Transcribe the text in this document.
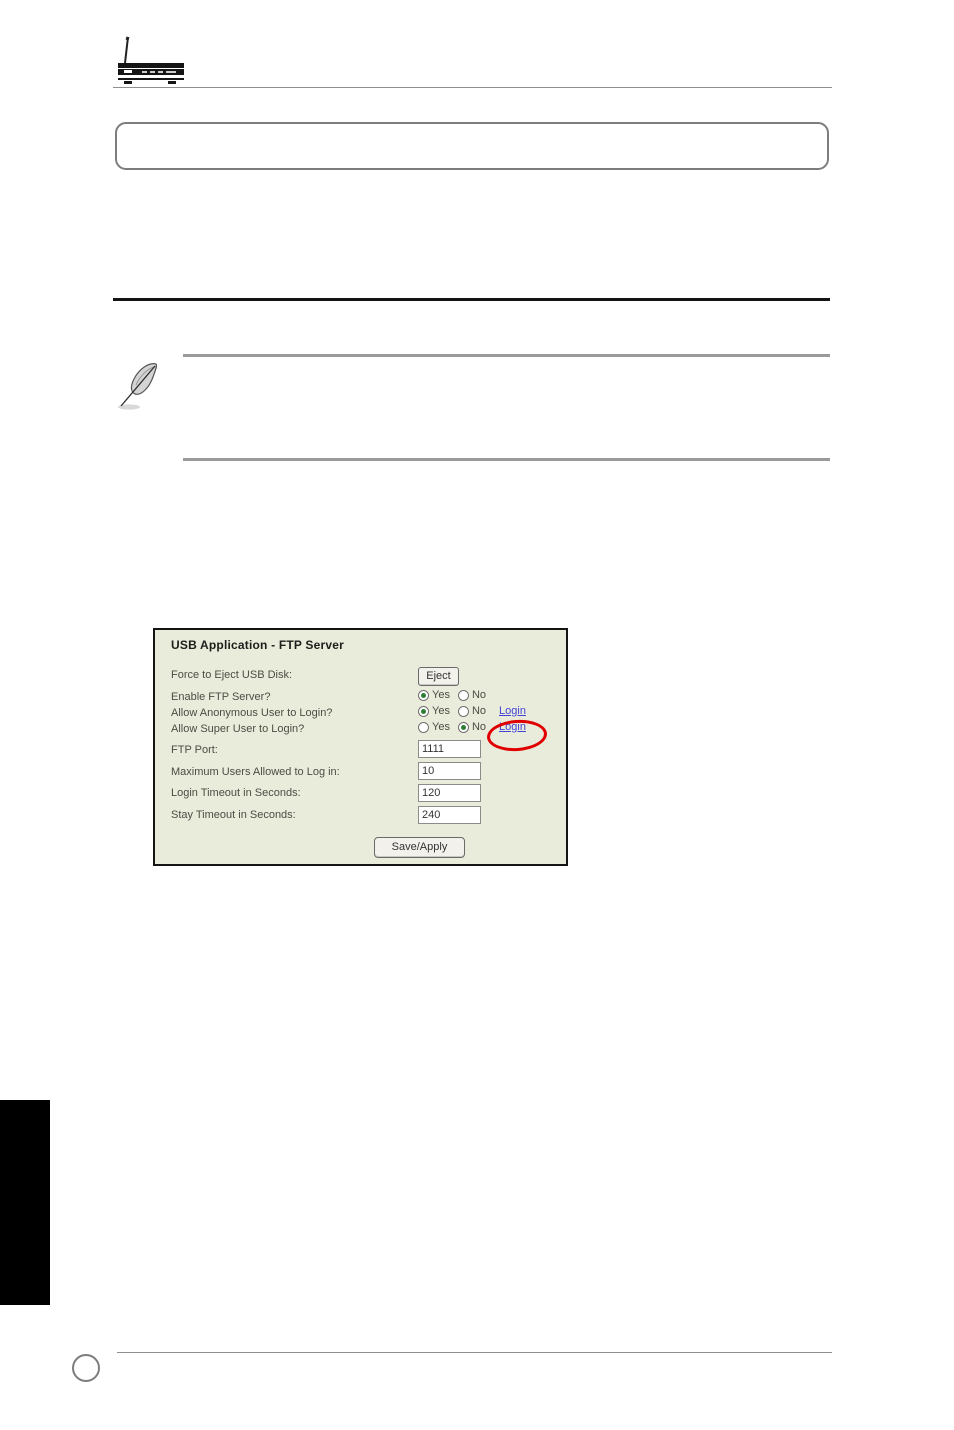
USB Application - FTP Server
Force to Eject USB Disk:
Enable FTP Server?
Allow Anonymous User to Login?
Allow Super User to Login?
FTP Port:
Maximum Users Allowed to Log in:
Login Timeout in Seconds:
Stay Timeout in Seconds:
Eject
Yes No
Yes No Login
Yes No Login
1111
10
120
240
Save/Apply
